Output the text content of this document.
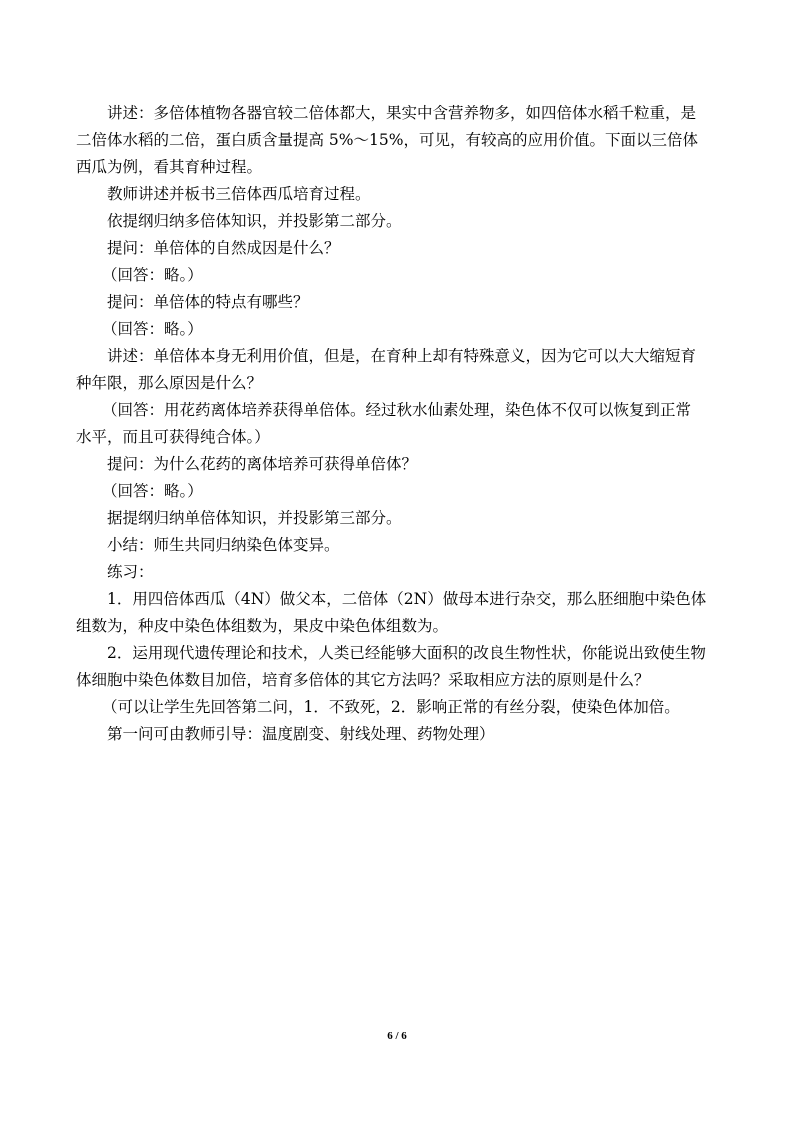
讲述：多倍体植物各器官较二倍体都大，果实中含营养物多，如四倍体水稻千粒重，是
二倍体水稻的二倍，蛋白质含量提高 5%～15%，可见，有较高的应用价值。下面以三倍体
西瓜为例，看其育种过程。
教师讲述并板书三倍体西瓜培育过程。
依提纲归纳多倍体知识，并投影第二部分。
提问：单倍体的自然成因是什么？
（回答：略。）
提问：单倍体的特点有哪些？
（回答：略。）
讲述：单倍体本身无利用价值，但是，在育种上却有特殊意义，因为它可以大大缩短育
种年限，那么原因是什么？
（回答：用花药离体培养获得单倍体。经过秋水仙素处理，染色体不仅可以恢复到正常
水平，而且可获得纯合体。）
提问：为什么花药的离体培养可获得单倍体？
（回答：略。）
据提纲归纳单倍体知识，并投影第三部分。
小结：师生共同归纳染色体变异。
练习：
1．用四倍体西瓜（4N）做父本，二倍体（2N）做母本进行杂交，那么胚细胞中染色体
组数为，种皮中染色体组数为，果皮中染色体组数为。
2．运用现代遗传理论和技术，人类已经能够大面积的改良生物性状，你能说出致使生物
体细胞中染色体数目加倍，培育多倍体的其它方法吗？采取相应方法的原则是什么？
（可以让学生先回答第二问，1．不致死，2．影响正常的有丝分裂，使染色体加倍。
第一问可由教师引导：温度剧变、射线处理、药物处理）
6 / 6
